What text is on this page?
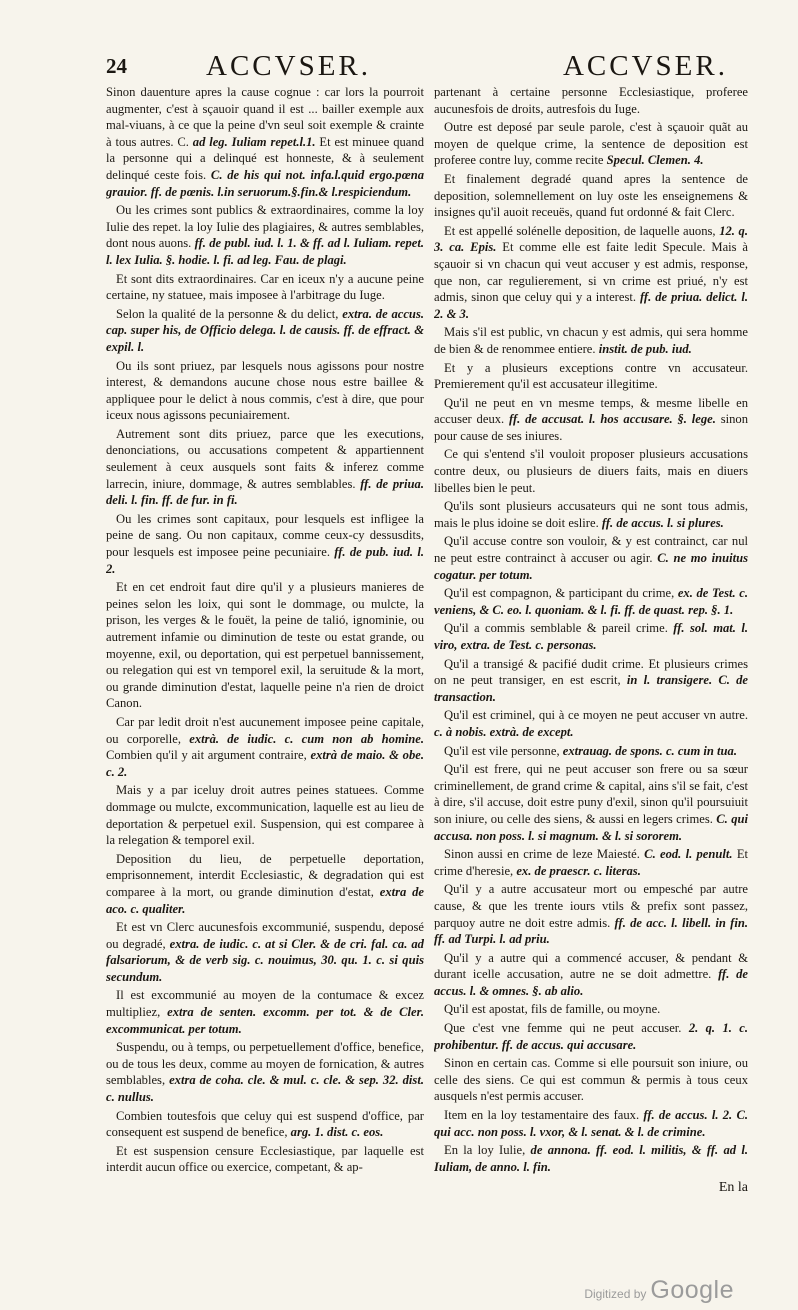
24	ACCVSER.	ACCVSER.

Sinon dauenture apres la cause cognue : car lors la pourroit augmenter, c'est à sçauoir quand il est ... bailler exemple aux mal-viuans, à ce que la peine d'vn seul soit exemple & crainte à tous autres. C. ad leg. Iuliam repet.l.1. Et est minuee quand la personne qui a delinqué est honneste, & à seulement delinqué ceste fois. C. de his qui not. infa.l.quid ergo.pœna grauior. ff. de pœnis. l.in seruorum.§.fin.& l.respiciendum.

Ou les crimes sont publics & extraordinaires, comme la loy Iulie des repet. la loy Iulie des plagiaires, & autres semblables, dont nous auons. ff. de publ. iud. l. 1. & ff. ad l. Iuliam. repet. l. lex Iulia. §. hodie. l. fi. ad leg. Fau. de plagi.

Et sont dits extraordinaires. Car en iceux n'y a aucune peine certaine, ny statuee, mais imposee à l'arbitrage du Iuge.

Selon la qualité de la personne & du delict, extra. de accus. cap. super his, de Officio delega. l. de causis. ff. de effract. & expil. l.

Ou ils sont priuez, par lesquels nous agissons pour nostre interest, & demandons aucune chose nous estre baillee & appliquee pour le delict à nous commis, c'est à dire, que pour iceux nous agissons pecuniairement.

Autrement sont dits priuez, parce que les executions, denonciations, ou accusations competent & appartiennent seulement à ceux ausquels sont faits & inferez comme larrecin, iniure, dommage, & autres semblables. ff. de priua. deli. l. fin. ff. de fur. in fi.

Ou les crimes sont capitaux, pour lesquels est infligee la peine de sang. Ou non capitaux, comme ceux-cy dessusdits, pour lesquels est imposee peine pecuniaire. ff. de pub. iud. l. 2.

Et en cet endroit faut dire qu'il y a plusieurs manieres de peines selon les loix, qui sont le dommage, ou mulcte, la prison, les verges & le fouët, la peine de talió, ignominie, ou autrement infamie ou diminution de teste ou estat grande, ou moyenne, exil, ou deportation, qui est perpetuel bannissement, ou relegation qui est vn temporel exil, la seruitude & la mort, ou grande diminution d'estat, laquelle peine n'a rien de droict Canon.

Car par ledit droit n'est aucunement imposee peine capitale, ou corporelle, extrà. de iudic. c. cum non ab homine. Combien qu'il y ait argument contraire, extrà de maio. & obe. c. 2.

Mais y a par iceluy droit autres peines statuees. Comme dommage ou mulcte, excommunication, laquelle est au lieu de deportation & perpetuel exil. Suspension, qui est comparee à la relegation & temporel exil.

Deposition du lieu, de perpetuelle deportation, emprisonnement, interdit Ecclesiastic, & degradation qui est comparee à la mort, ou grande diminution d'estat, extra de aco. c. qualiter.

Et est vn Clerc aucunesfois excommunié, suspendu, deposé ou degradé, extra. de iudic. c. at si Cler. & de cri. fal. ca. ad falsariorum, & de verb sig. c. nouimus, 30. qu. 1. c. si quis secundum.

Il est excommunié au moyen de la contumace & excez multipliez, extra de senten. excomm. per tot. & de Cler. excommunicat. per totum.

Suspendu, ou à temps, ou perpetuellement d'office, benefice, ou de tous les deux, comme au moyen de fornication, & autres semblables, extra de coha. cle. & mul. c. cle. & sep. 32. dist. c. nullus.

Combien toutesfois que celuy qui est suspend d'office, par consequent est suspend de benefice, arg. 1. dist. c. eos.

Et est suspension censure Ecclesiastique, par laquelle est interdit aucun office ou exercice, competant, & ap-

partenant à certaine personne Ecclesiastique, proferee aucunesfois de droits, autresfois du Iuge.

Outre est deposé par seule parole, c'est à sçauoir quãt au moyen de quelque crime, la sentence de deposition est proferee contre luy, comme recite Specul. Clemen. 4.

Et finalement degradé quand apres la sentence de deposition, solemnellement on luy oste les enseignemens & insignes qu'il auoit receuës, quand fut ordonné & fait Clerc.

Et est appellé solénelle deposition, de laquelle auons, 12. q. 3. ca. Epis. Et comme elle est faite ledit Specule. Mais à sçauoir si vn chacun qui veut accuser y est admis, response, que non, car regulierement, si vn crime est priué, n'y est admis, sinon que celuy qui y a interest. ff. de priua. delict. l. 2. & 3.

Mais s'il est public, vn chacun y est admis, qui sera homme de bien & de renommee entiere. instit. de pub. iud.

Et y a plusieurs exceptions contre vn accusateur. Premierement qu'il est accusateur illegitime.

Qu'il ne peut en vn mesme temps, & mesme libelle en accuser deux. ff. de accusat. l. hos accusare. §. lege. sinon pour cause de ses iniures.

Ce qui s'entend s'il vouloit proposer plusieurs accusations contre deux, ou plusieurs de diuers faits, mais en diuers libelles bien le peut.

Qu'ils sont plusieurs accusateurs qui ne sont tous admis, mais le plus idoine se doit eslire. ff. de accus. l. si plures.

Qu'il accuse contre son vouloir, & y est contrainct, car nul ne peut estre contrainct à accuser ou agir. C. ne mo inuitus cogatur. per totum.

Qu'il est compagnon, & participant du crime, ex. de Test. c. veniens, & C. eo. l. quoniam. & l. fi. ff. de quast. rep. §. 1.

Qu'il a commis semblable & pareil crime. ff. sol. mat. l. viro, extra. de Test. c. personas.

Qu'il a transigé & pacifié dudit crime. Et plusieurs crimes on ne peut transiger, en est escrit, in l. transigere. C. de transaction.

Qu'il est criminel, qui à ce moyen ne peut accuser vn autre. c. à nobis. extrà. de except.

Qu'il est vile personne, extrauag. de spons. c. cum in tua.

Qu'il est frere, qui ne peut accuser son frere ou sa sœur criminellement, de grand crime & capital, ains s'il se fait, c'est à dire, s'il accuse, doit estre puny d'exil, sinon qu'il poursuiuit son iniure, ou celle des siens, & aussi en legers crimes. C. qui accusa. non poss. l. si magnum. & l. si sororem.

Sinon aussi en crime de leze Maiesté. C. eod. l. penult. Et crime d'heresie, ex. de praescr. c. literas.

Qu'il y a autre accusateur mort ou empesché par autre cause, & que les trente iours vtils & prefix sont passez, parquoy autre ne doit estre admis. ff. de acc. l. libell. in fin. ff. ad Turpi. l. ad priu.

Qu'il y a autre qui a commencé accuser, & pendant & durant icelle accusation, autre ne se doit admettre. ff. de accus. l. & omnes. §. ab alio.

Qu'il est apostat, fils de famille, ou moyne.

Que c'est vne femme qui ne peut accuser. 2. q. 1. c. prohibentur. ff. de accus. qui accusare.

Sinon en certain cas. Comme si elle poursuit son iniure, ou celle des siens. Ce qui est commun & permis à tous ceux ausquels n'est permis accuser.

Item en la loy testamentaire des faux. ff. de accus. l. 2. C. qui acc. non poss. l. vxor, & l. senat. & l. de crimine.

En la loy Iulie, de annona. ff. eod. l. militis, & ff. ad l. Iuliam, de anno. l. fin.

En la
Digitized by Google
